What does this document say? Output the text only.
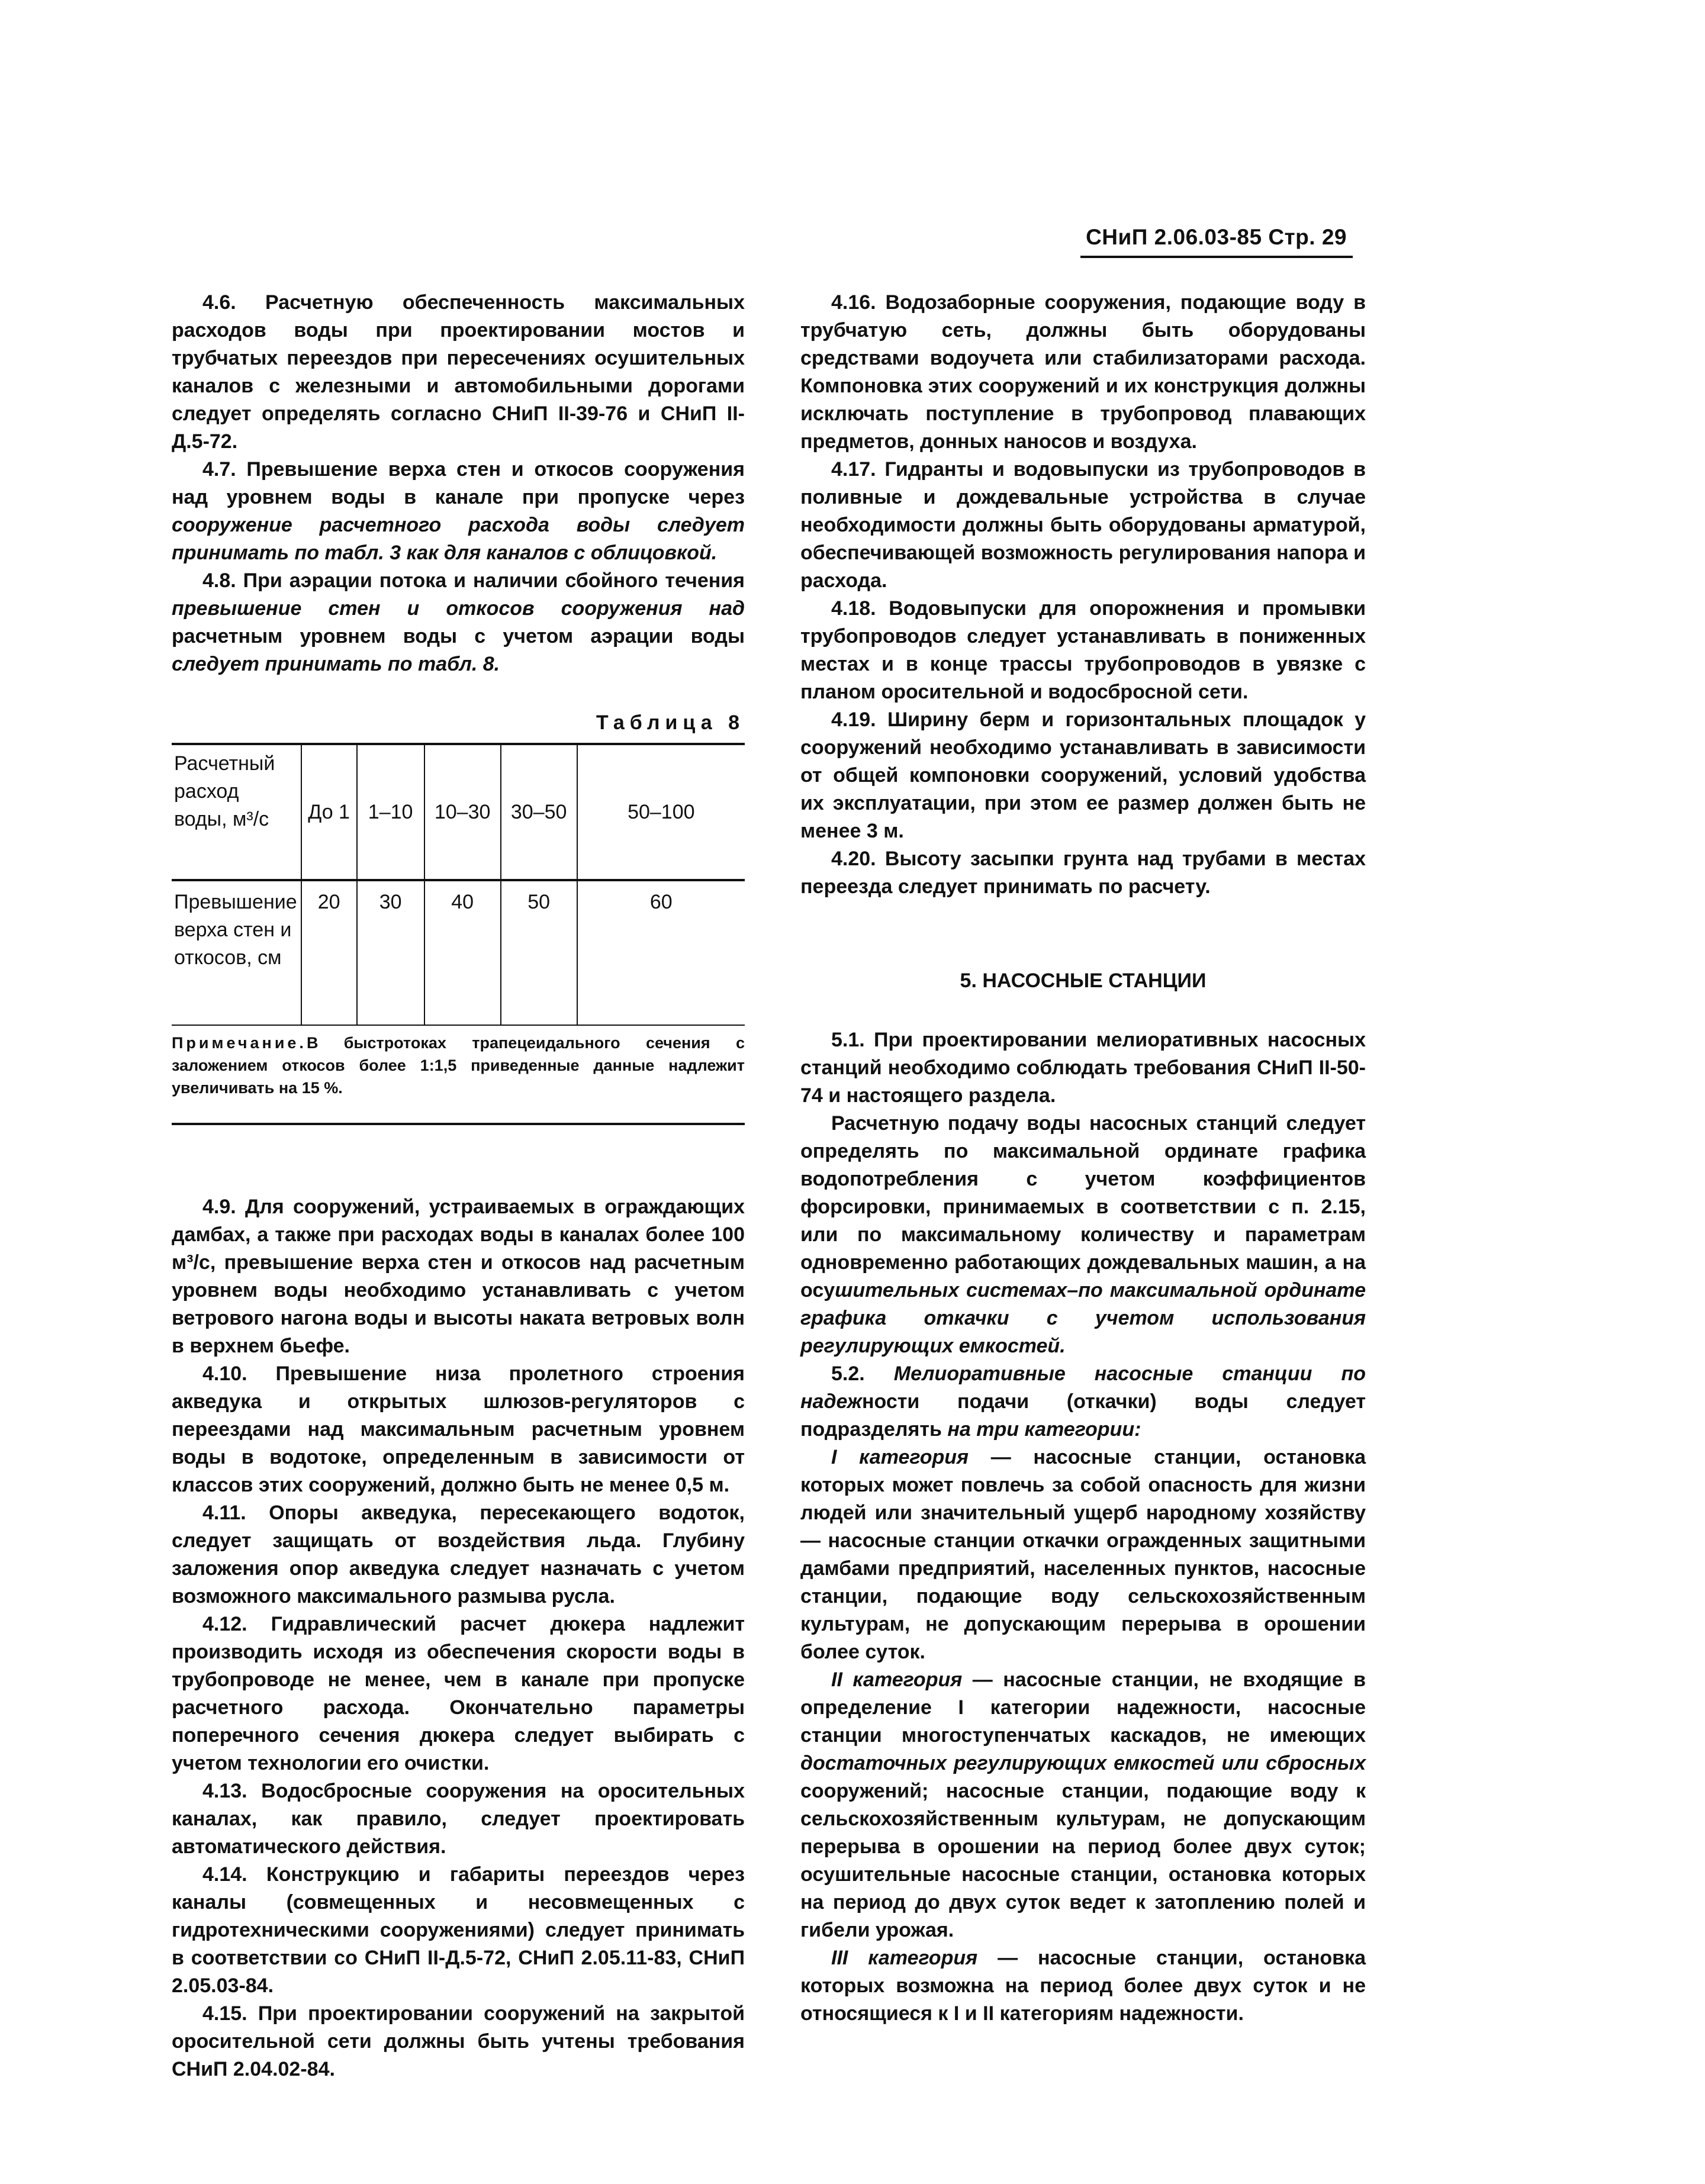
СНиП 2.06.03-85 Стр. 29

4.6. Расчетную обеспеченность максимальных расходов воды при проектировании мостов и трубчатых переездов при пересечениях осушительных каналов с железными и автомобильными дорогами следует определять согласно СНиП II-39-76 и СНиП II-Д.5-72.

4.7. Превышение верха стен и откосов сооружения над уровнем воды в канале при пропуске через сооружение расчетного расхода воды следует принимать по табл. 3 как для каналов с облицовкой.

4.8. При аэрации потока и наличии сбойного течения превышение стен и откосов сооружения над расчетным уровнем воды с учетом аэрации воды следует принимать по табл. 8.

Таблица 8
Расчетный расход воды, м³/с	До 1	1–10	10–30	30–50	50–100
Превышение верха стен и откосов, см	20	30	40	50	60
Примечание.В быстротоках трапецеидального сечения с заложением откосов более 1:1,5 приведенные данные надлежит увеличивать на 15 %.

4.9. Для сооружений, устраиваемых в ограждающих дамбах, а также при расходах воды в каналах более 100 м³/с, превышение верха стен и откосов над расчетным уровнем воды необходимо устанавливать с учетом ветрового нагона воды и высоты наката ветровых волн в верхнем бьефе.

4.10. Превышение низа пролетного строения акведука и открытых шлюзов-регуляторов с переездами над максимальным расчетным уровнем воды в водотоке, определенным в зависимости от классов этих сооружений, должно быть не менее 0,5 м.

4.11. Опоры акведука, пересекающего водоток, следует защищать от воздействия льда. Глубину заложения опор акведука следует назначать с учетом возможного максимального размыва русла.

4.12. Гидравлический расчет дюкера надлежит производить исходя из обеспечения скорости воды в трубопроводе не менее, чем в канале при пропуске расчетного расхода. Окончательно параметры поперечного сечения дюкера следует выбирать с учетом технологии его очистки.

4.13. Водосбросные сооружения на оросительных каналах, как правило, следует проектировать автоматического действия.

4.14. Конструкцию и габариты переездов через каналы (совмещенных и несовмещенных с гидротехническими сооружениями) следует принимать в соответствии со СНиП II-Д.5-72, СНиП 2.05.11-83, СНиП 2.05.03-84.

4.15. При проектировании сооружений на закрытой оросительной сети должны быть учтены требования СНиП 2.04.02-84.

4.16. Водозаборные сооружения, подающие воду в трубчатую сеть, должны быть оборудованы средствами водоучета или стабилизаторами расхода. Компоновка этих сооружений и их конструкция должны исключать поступление в трубопровод плавающих предметов, донных наносов и воздуха.

4.17. Гидранты и водовыпуски из трубопроводов в поливные и дождевальные устройства в случае необходимости должны быть оборудованы арматурой, обеспечивающей возможность регулирования напора и расхода.

4.18. Водовыпуски для опорожнения и промывки трубопроводов следует устанавливать в пониженных местах и в конце трассы трубопроводов в увязке с планом оросительной и водосбросной сети.

4.19. Ширину берм и горизонтальных площадок у сооружений необходимо устанавливать в зависимости от общей компоновки сооружений, условий удобства их эксплуатации, при этом ее размер должен быть не менее 3 м.

4.20. Высоту засыпки грунта над трубами в местах переезда следует принимать по расчету.

5. НАСОСНЫЕ СТАНЦИИ

5.1. При проектировании мелиоративных насосных станций необходимо соблюдать требования СНиП II-50-74 и настоящего раздела.

Расчетную подачу воды насосных станций следует определять по максимальной ординате графика водопотребления с учетом коэффициентов форсировки, принимаемых в соответствии с п. 2.15, или по максимальному количеству и параметрам одновременно работающих дождевальных машин, а на осушительных системах–по максимальной ординате графика откачки с учетом использования регулирующих емкостей.

5.2. Мелиоративные насосные станции по надежности подачи (откачки) воды следует подразделять на три категории:

I категория — насосные станции, остановка которых может повлечь за собой опасность для жизни людей или значительный ущерб народному хозяйству — насосные станции откачки огражденных защитными дамбами предприятий, населенных пунктов, насосные станции, подающие воду сельскохозяйственным культурам, не допускающим перерыва в орошении более суток.

II категория — насосные станции, не входящие в определение I категории надежности, насосные станции многоступенчатых каскадов, не имеющих достаточных регулирующих емкостей или сбросных сооружений; насосные станции, подающие воду к сельскохозяйственным культурам, не допускающим перерыва в орошении на период более двух суток; осушительные насосные станции, остановка которых на период до двух суток ведет к затоплению полей и гибели урожая.

III категория — насосные станции, остановка которых возможна на период более двух суток и не относящиеся к I и II категориям надежности.
